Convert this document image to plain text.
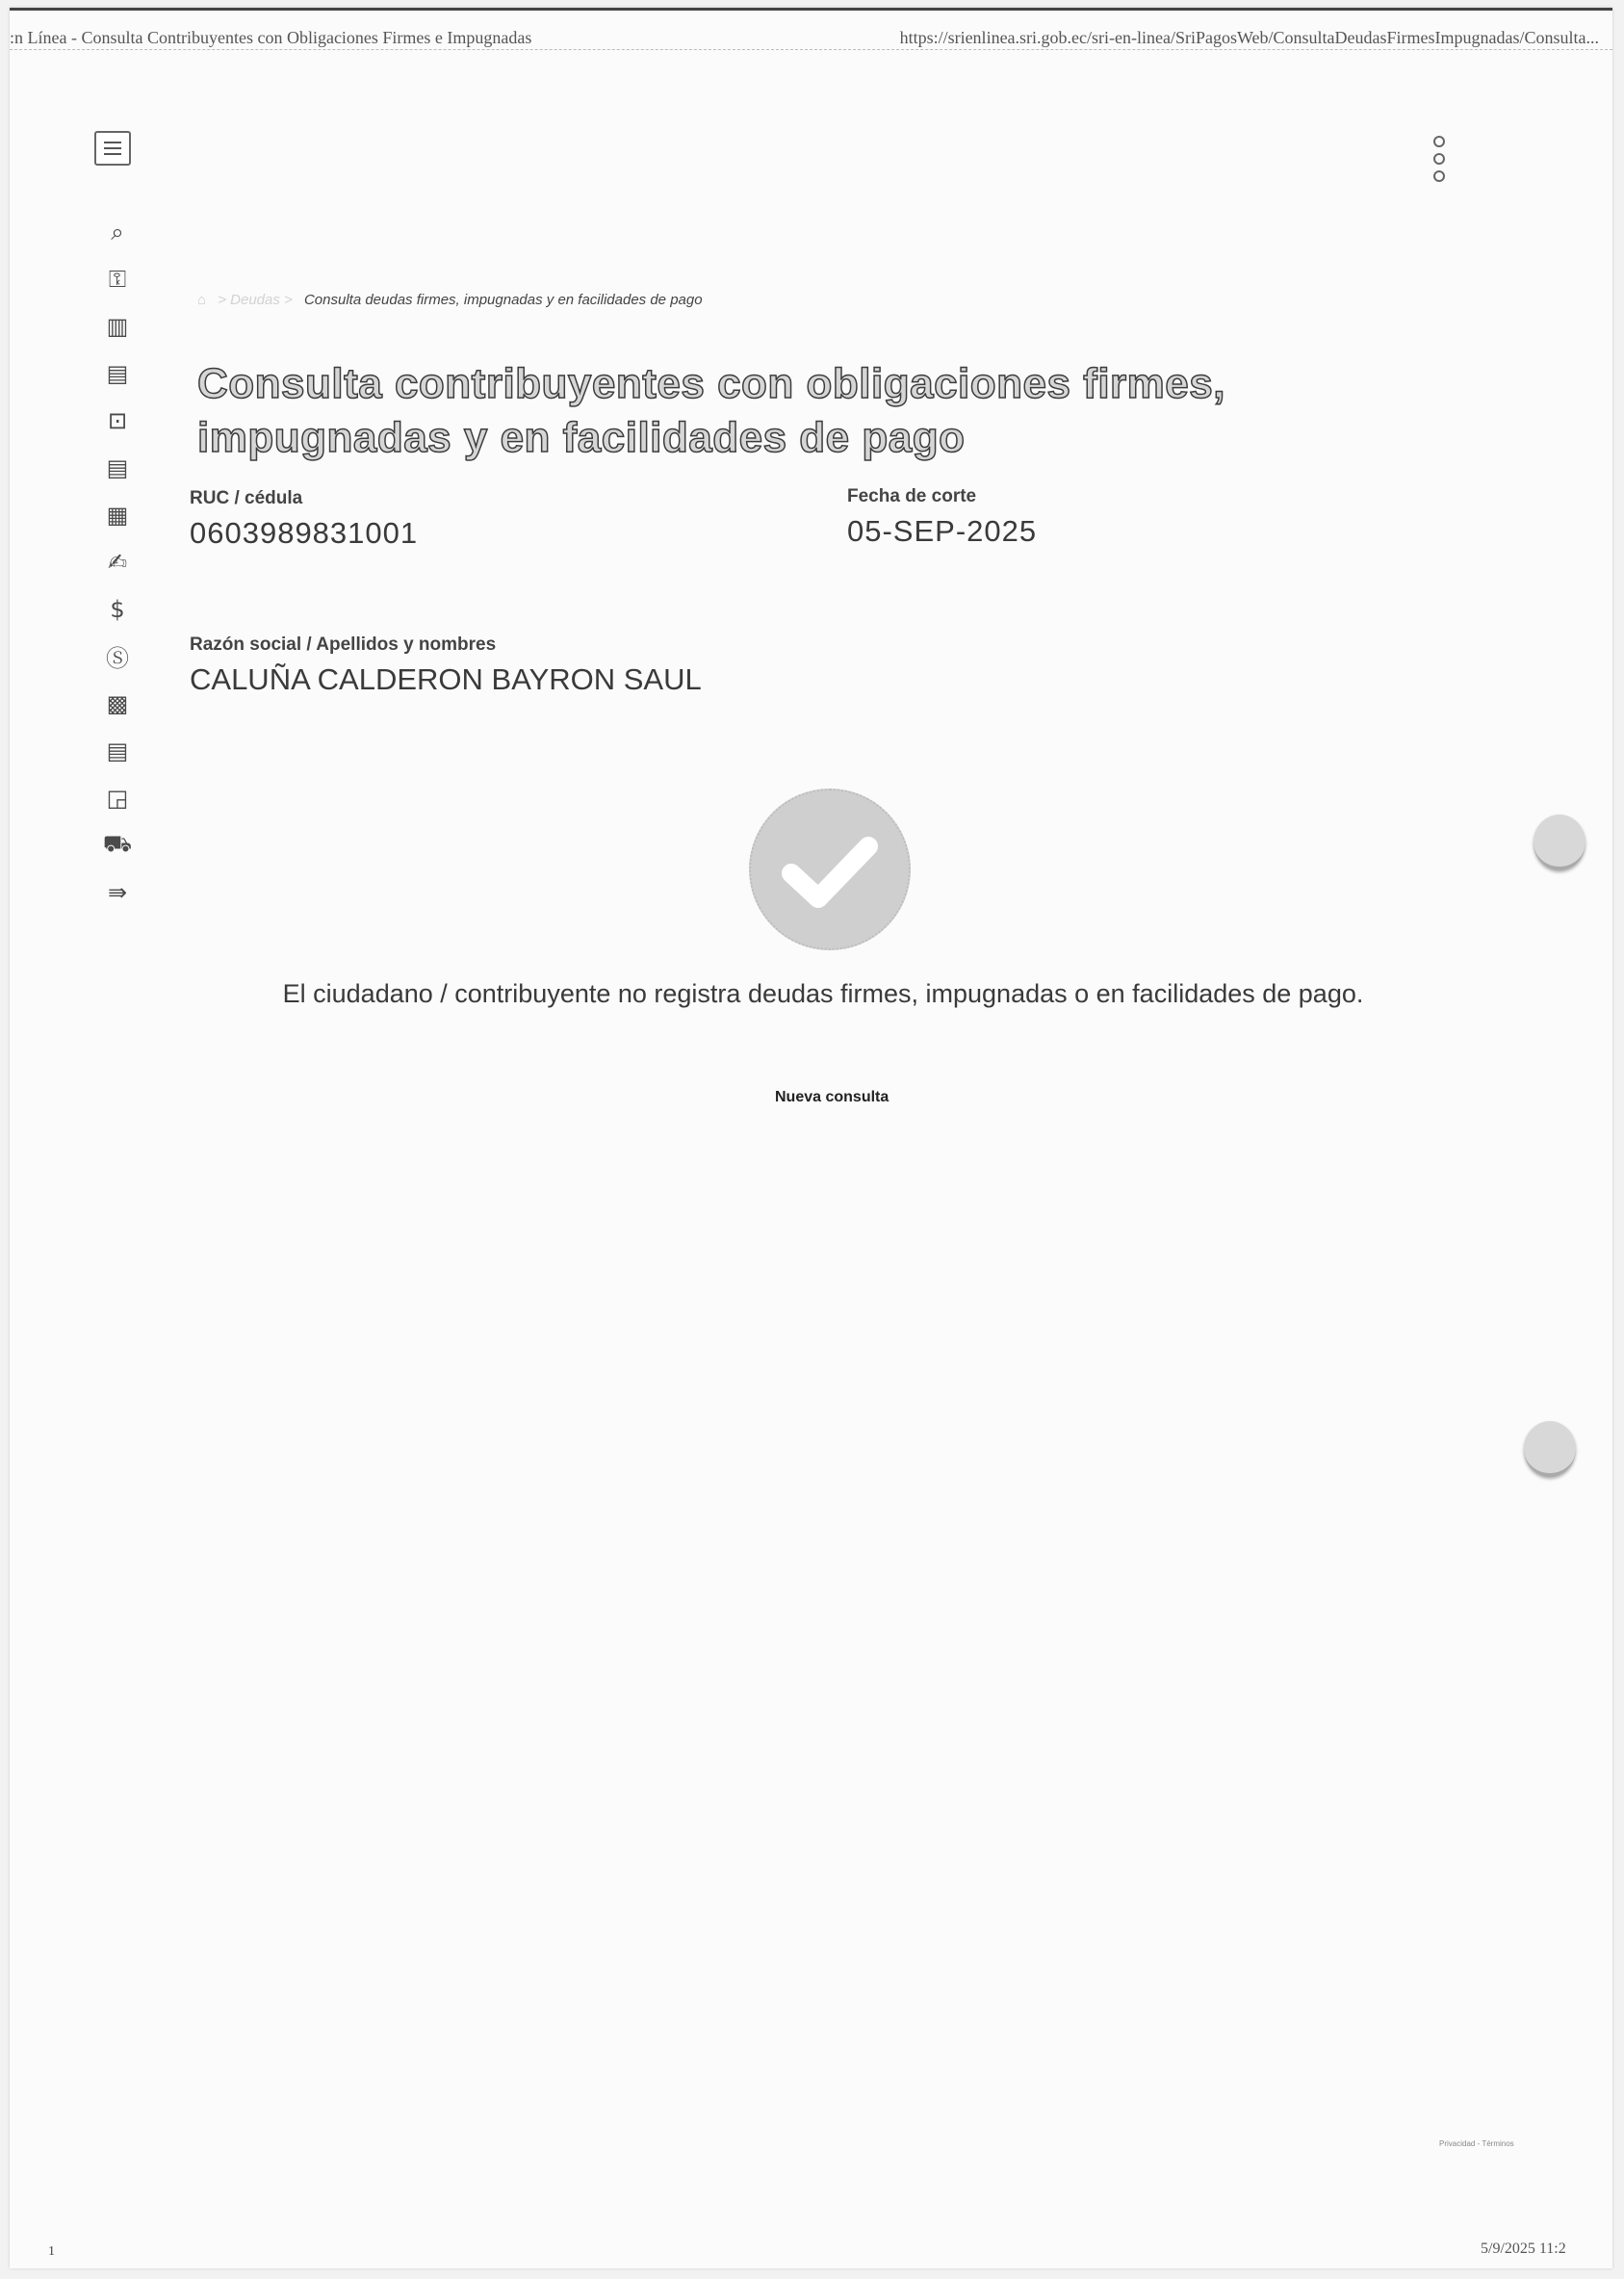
:n Línea - Consulta Contribuyentes con Obligaciones Firmes e Impugnadas	https://srienlinea.sri.gob.ec/sri-en-linea/SriPagosWeb/ConsultaDeudasFirmesImpugnadas/Consulta...
⌕
⚿
▥
▤
⊡
▤
▦
✍
$
Ⓢ
▩
▤
◲
⛟
⇛
⌂ > Deudas > Consulta deudas firmes, impugnadas y en facilidades de pago
Consulta contribuyentes con obligaciones firmes, impugnadas y en facilidades de pago
RUC / cédula
0603989831001
Fecha de corte
05-SEP-2025
Razón social / Apellidos y nombres
CALUÑA CALDERON BAYRON SAUL
El ciudadano / contribuyente no registra deudas firmes, impugnadas o en facilidades de pago.
Nueva consulta
Privacidad - Términos
1	5/9/2025 11:2
